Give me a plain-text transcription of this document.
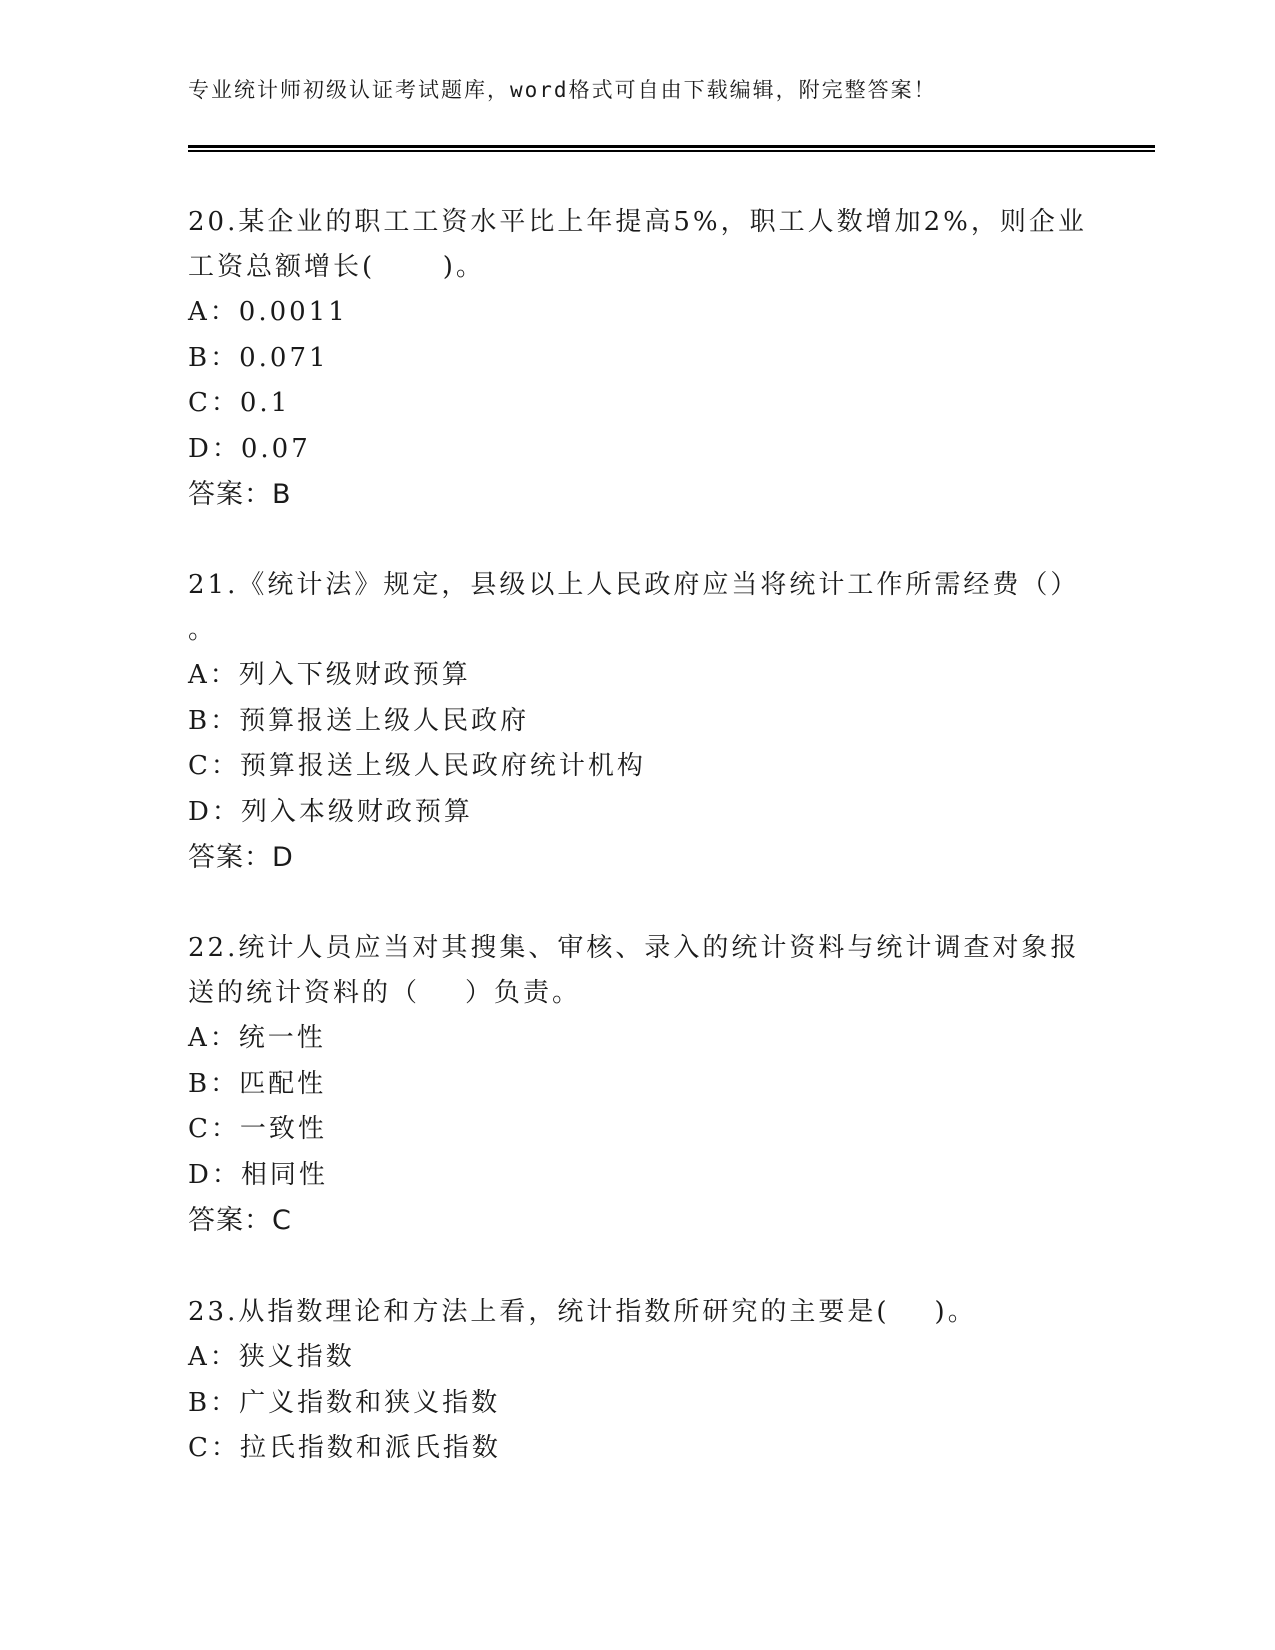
专业统计师初级认证考试题库，word格式可自由下载编辑，附完整答案！
20.某企业的职工工资水平比上年提高5%，职工人数增加2%，则企业
工资总额增长(      )。
A：0.0011
B：0.071
C：0.1
D：0.07
答案：B
21.《统计法》规定，县级以上人民政府应当将统计工作所需经费（）
。
A：列入下级财政预算
B：预算报送上级人民政府
C：预算报送上级人民政府统计机构
D：列入本级财政预算
答案：D
22.统计人员应当对其搜集、审核、录入的统计资料与统计调查对象报
送的统计资料的（    ）负责。
A：统一性
B：匹配性
C：一致性
D：相同性
答案：C
23.从指数理论和方法上看，统计指数所研究的主要是(    )。
A：狭义指数
B：广义指数和狭义指数
C：拉氏指数和派氏指数
